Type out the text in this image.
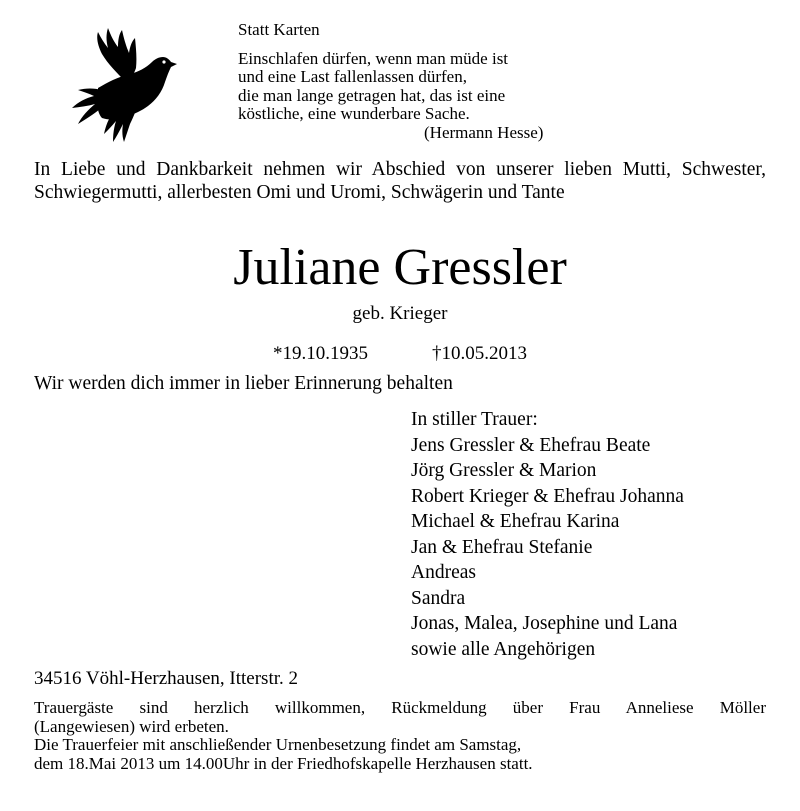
Statt Karten
Einschlafen dürfen, wenn man müde ist
und eine Last fallenlassen dürfen,
die man lange getragen hat, das ist eine
köstliche, eine wunderbare Sache.
(Hermann Hesse)
In Liebe und Dankbarkeit nehmen wir Abschied von unserer lieben Mutti, Schwester, Schwiegermutti, allerbesten Omi und Uromi, Schwägerin und Tante
Juliane Gressler
geb. Krieger
*19.10.1935	†10.05.2013
Wir werden dich immer in lieber Erinnerung behalten
In stiller Trauer:
Jens Gressler & Ehefrau Beate
Jörg Gressler & Marion
Robert Krieger & Ehefrau Johanna
Michael & Ehefrau Karina
Jan & Ehefrau Stefanie
Andreas
Sandra
Jonas, Malea, Josephine und Lana
sowie alle Angehörigen
34516 Vöhl-Herzhausen, Itterstr. 2
Trauergäste sind herzlich willkommen, Rückmeldung über Frau Anneliese Möller
(Langewiesen) wird erbeten.
Die Trauerfeier mit anschließender Urnenbesetzung findet am Samstag,
dem 18.Mai 2013 um 14.00Uhr in der Friedhofskapelle Herzhausen statt.
